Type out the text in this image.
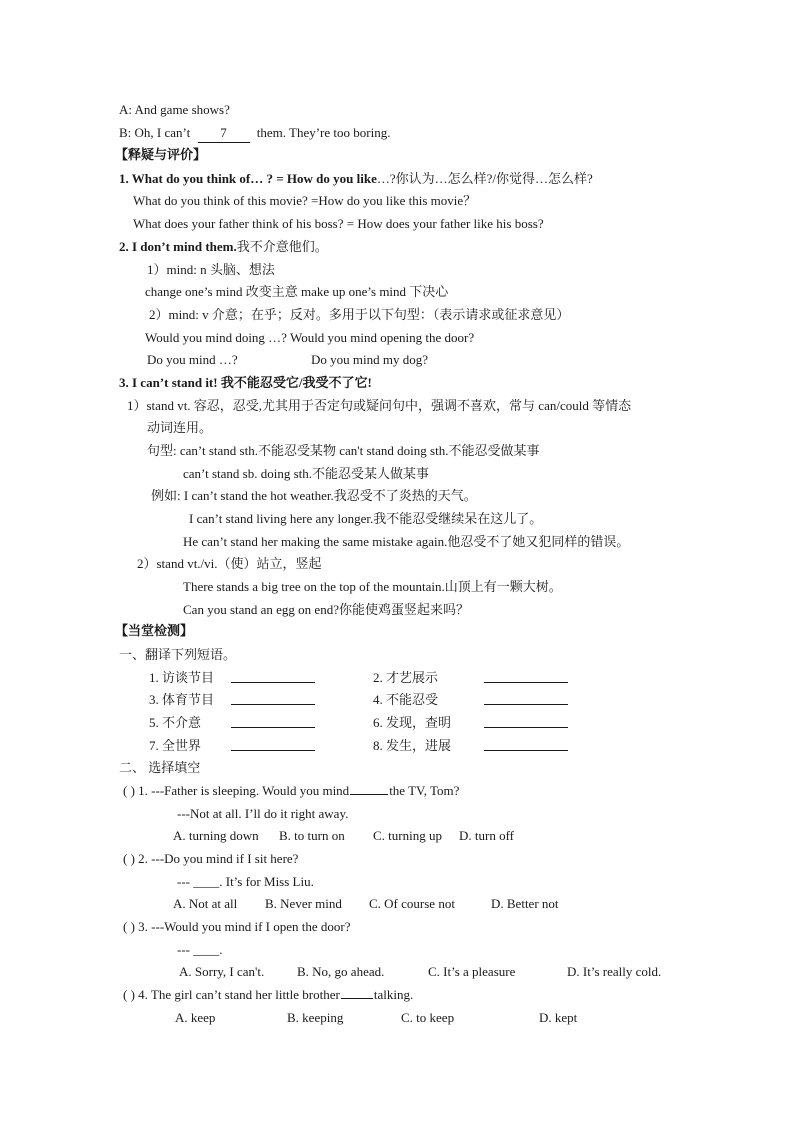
A: And game shows?
B: Oh, I can’t 7 them. They’re too boring.
【释疑与评价】
1. What do you think of… ? = How do you like…?你认为…怎么样?/你觉得…怎么样?
What do you think of this movie? =How do you like this movie？
What does your father think of his boss? = How does your father like his boss?
2. I don’t mind them.我不介意他们。
1）mind: n 头脑、想法
change one’s mind 改变主意 make up one’s mind 下决心
2）mind: v 介意；在乎；反对。多用于以下句型：（表示请求或征求意见）
Would you mind doing …? Would you mind opening the door?
Do you mind …?	Do you mind my dog?
3. I can’t stand it! 我不能忍受它/我受不了它!
1）stand vt. 容忍，忍受,尤其用于否定句或疑问句中，强调不喜欢，常与 can/could 等情态
动词连用。
句型: can’t stand sth.不能忍受某物 can't stand doing sth.不能忍受做某事
can’t stand sb. doing sth.不能忍受某人做某事
例如: I can’t stand the hot weather.我忍受不了炎热的天气。
I can’t stand living here any longer.我不能忍受继续呆在这儿了。
He can’t stand her making the same mistake again.他忍受不了她又犯同样的错误。
2）stand vt./vi.（使）站立，竖起
There stands a big tree on the top of the mountain.山顶上有一颗大树。
Can you stand an egg on end?你能使鸡蛋竖起来吗？
【当堂检测】
一、翻译下列短语。
1. 访谈节目	2. 才艺展示
3. 体育节目	4. 不能忍受
5. 不介意	6. 发现，查明
7. 全世界	8. 发生，进展
二、 选择填空
( ) 1. ---Father is sleeping. Would you mind	the TV, Tom?
---Not at all. I’ll do it right away.
A. turning down B. to turn on C. turning up D. turn off
( ) 2. ---Do you mind if I sit here?
--- ____. It’s for Miss Liu.
A. Not at all B. Never mind C. Of course not	D. Better not
( ) 3. ---Would you mind if I open the door?
--- ____.
A. Sorry, I can't.	B. No, go ahead.	C. It’s a pleasure	D. It’s really cold.
( ) 4. The girl can’t stand her little brother	talking.
A. keep	B. keeping	C. to keep	D. kept
